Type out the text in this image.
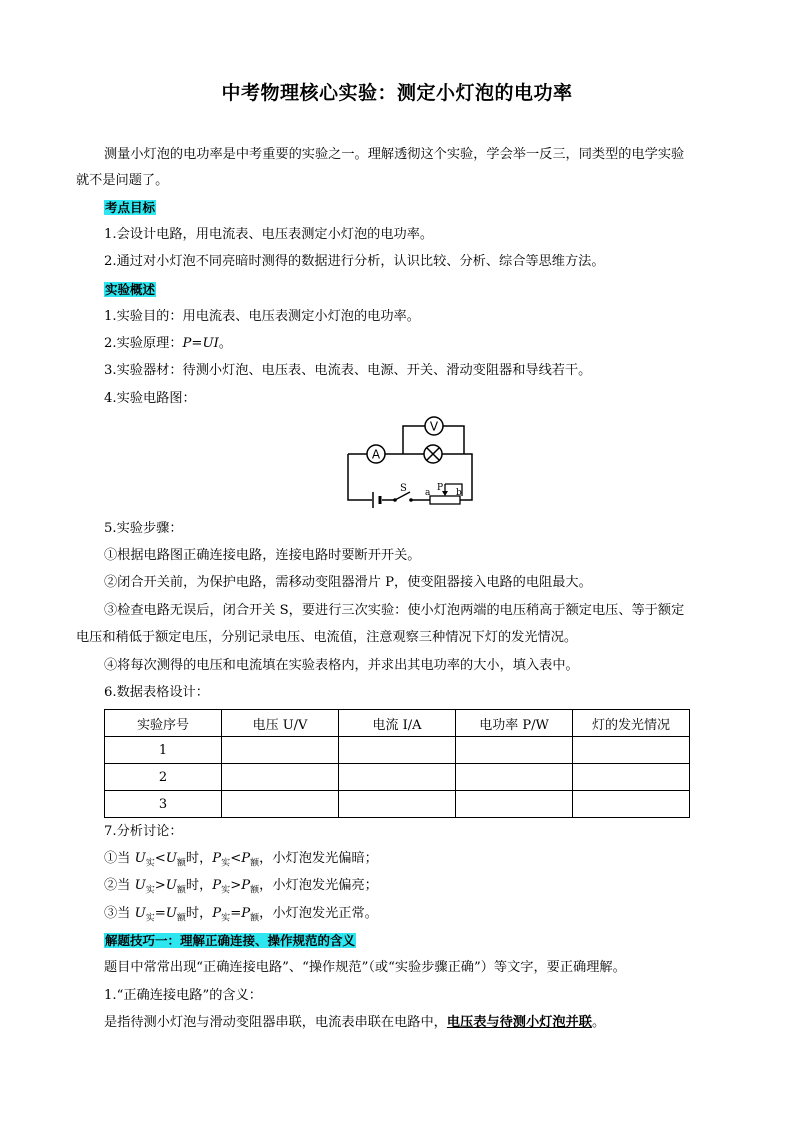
中考物理核心实验：测定小灯泡的电功率
测量小灯泡的电功率是中考重要的实验之一。理解透彻这个实验，学会举一反三，同类型的电学实验
就不是问题了。
考点目标
1.会设计电路，用电流表、电压表测定小灯泡的电功率。
2.通过对小灯泡不同亮暗时测得的数据进行分析，认识比较、分析、综合等思维方法。
实验概述
1.实验目的：用电流表、电压表测定小灯泡的电功率。
2.实验原理：P=UI。
3.实验器材：待测小灯泡、电压表、电流表、电源、开关、滑动变阻器和导线若干。
4.实验电路图：
A
V
S a P b
5.实验步骤：
①根据电路图正确连接电路，连接电路时要断开开关。
②闭合开关前，为保护电路，需移动变阻器滑片 P，使变阻器接入电路的电阻最大。
③检查电路无误后，闭合开关 S，要进行三次实验：使小灯泡两端的电压稍高于额定电压、等于额定
电压和稍低于额定电压，分别记录电压、电流值，注意观察三种情况下灯的发光情况。
④将每次测得的电压和电流填在实验表格内，并求出其电功率的大小，填入表中。
6.数据表格设计：
实验序号	电压 U/V	电流 I/A	电功率 P/W	灯的发光情况
1				
2				
3				
7.分析讨论：
①当 $U_实<U_额$时，$P_实<P_额$，小灯泡发光偏暗；
②当 $U_实>U_额$时，$P_实>P_额$，小灯泡发光偏亮；
③当 $U_实=U_额$时，$P_实=P_额$，小灯泡发光正常。
解题技巧一：理解正确连接、操作规范的含义
题目中常常出现“正确连接电路”、“操作规范”（或“实验步骤正确”）等文字，要正确理解。
1.“正确连接电路”的含义：
是指待测小灯泡与滑动变阻器串联，电流表串联在电路中，电压表与待测小灯泡并联。
